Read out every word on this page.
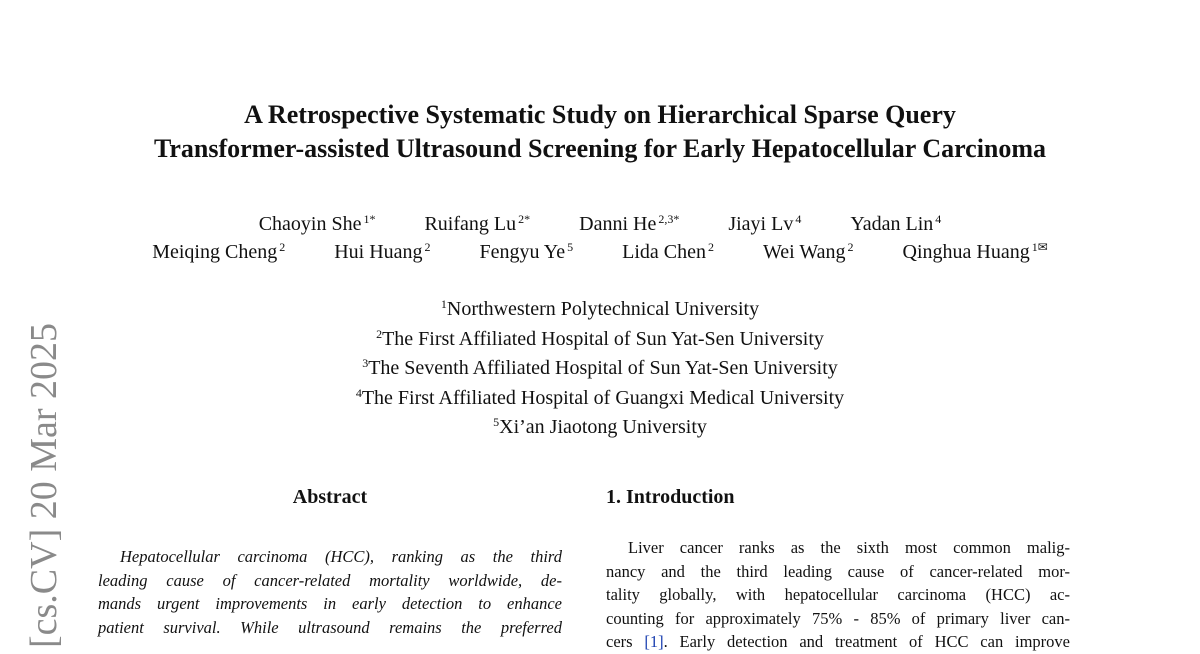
A Retrospective Systematic Study on Hierarchical Sparse Query
Transformer-assisted Ultrasound Screening for Early Hepatocellular Carcinoma
Chaoyin She $^{1*}$ Ruifang Lu $^{2*}$ Danni He $^{2,3*}$ Jiayi Lv $^4$ Yadan Lin $^4$
Meiqing Cheng $^2$ Hui Huang $^2$ Fengyu Ye $^5$ Lida Chen $^2$ Wei Wang $^2$ Qinghua Huang $^{1✉}$
$^1$Northwestern Polytechnical University
$^2$The First Affiliated Hospital of Sun Yat-Sen University
$^3$The Seventh Affiliated Hospital of Sun Yat-Sen University
$^4$The First Affiliated Hospital of Guangxi Medical University
$^5$Xi’an Jiaotong University
[cs.CV] 20 Mar 2025	Abstract
Hepatocellular carcinoma (HCC), ranking as the third
leading cause of cancer-related mortality worldwide, de-
mands urgent improvements in early detection to enhance
patient survival. While ultrasound remains the preferred
1. Introduction
Liver cancer ranks as the sixth most common malig-
nancy and the third leading cause of cancer-related mor-
tality globally, with hepatocellular carcinoma (HCC) ac-
counting for approximately 75% - 85% of primary liver can-
cers [1]. Early detection and treatment of HCC can improve
